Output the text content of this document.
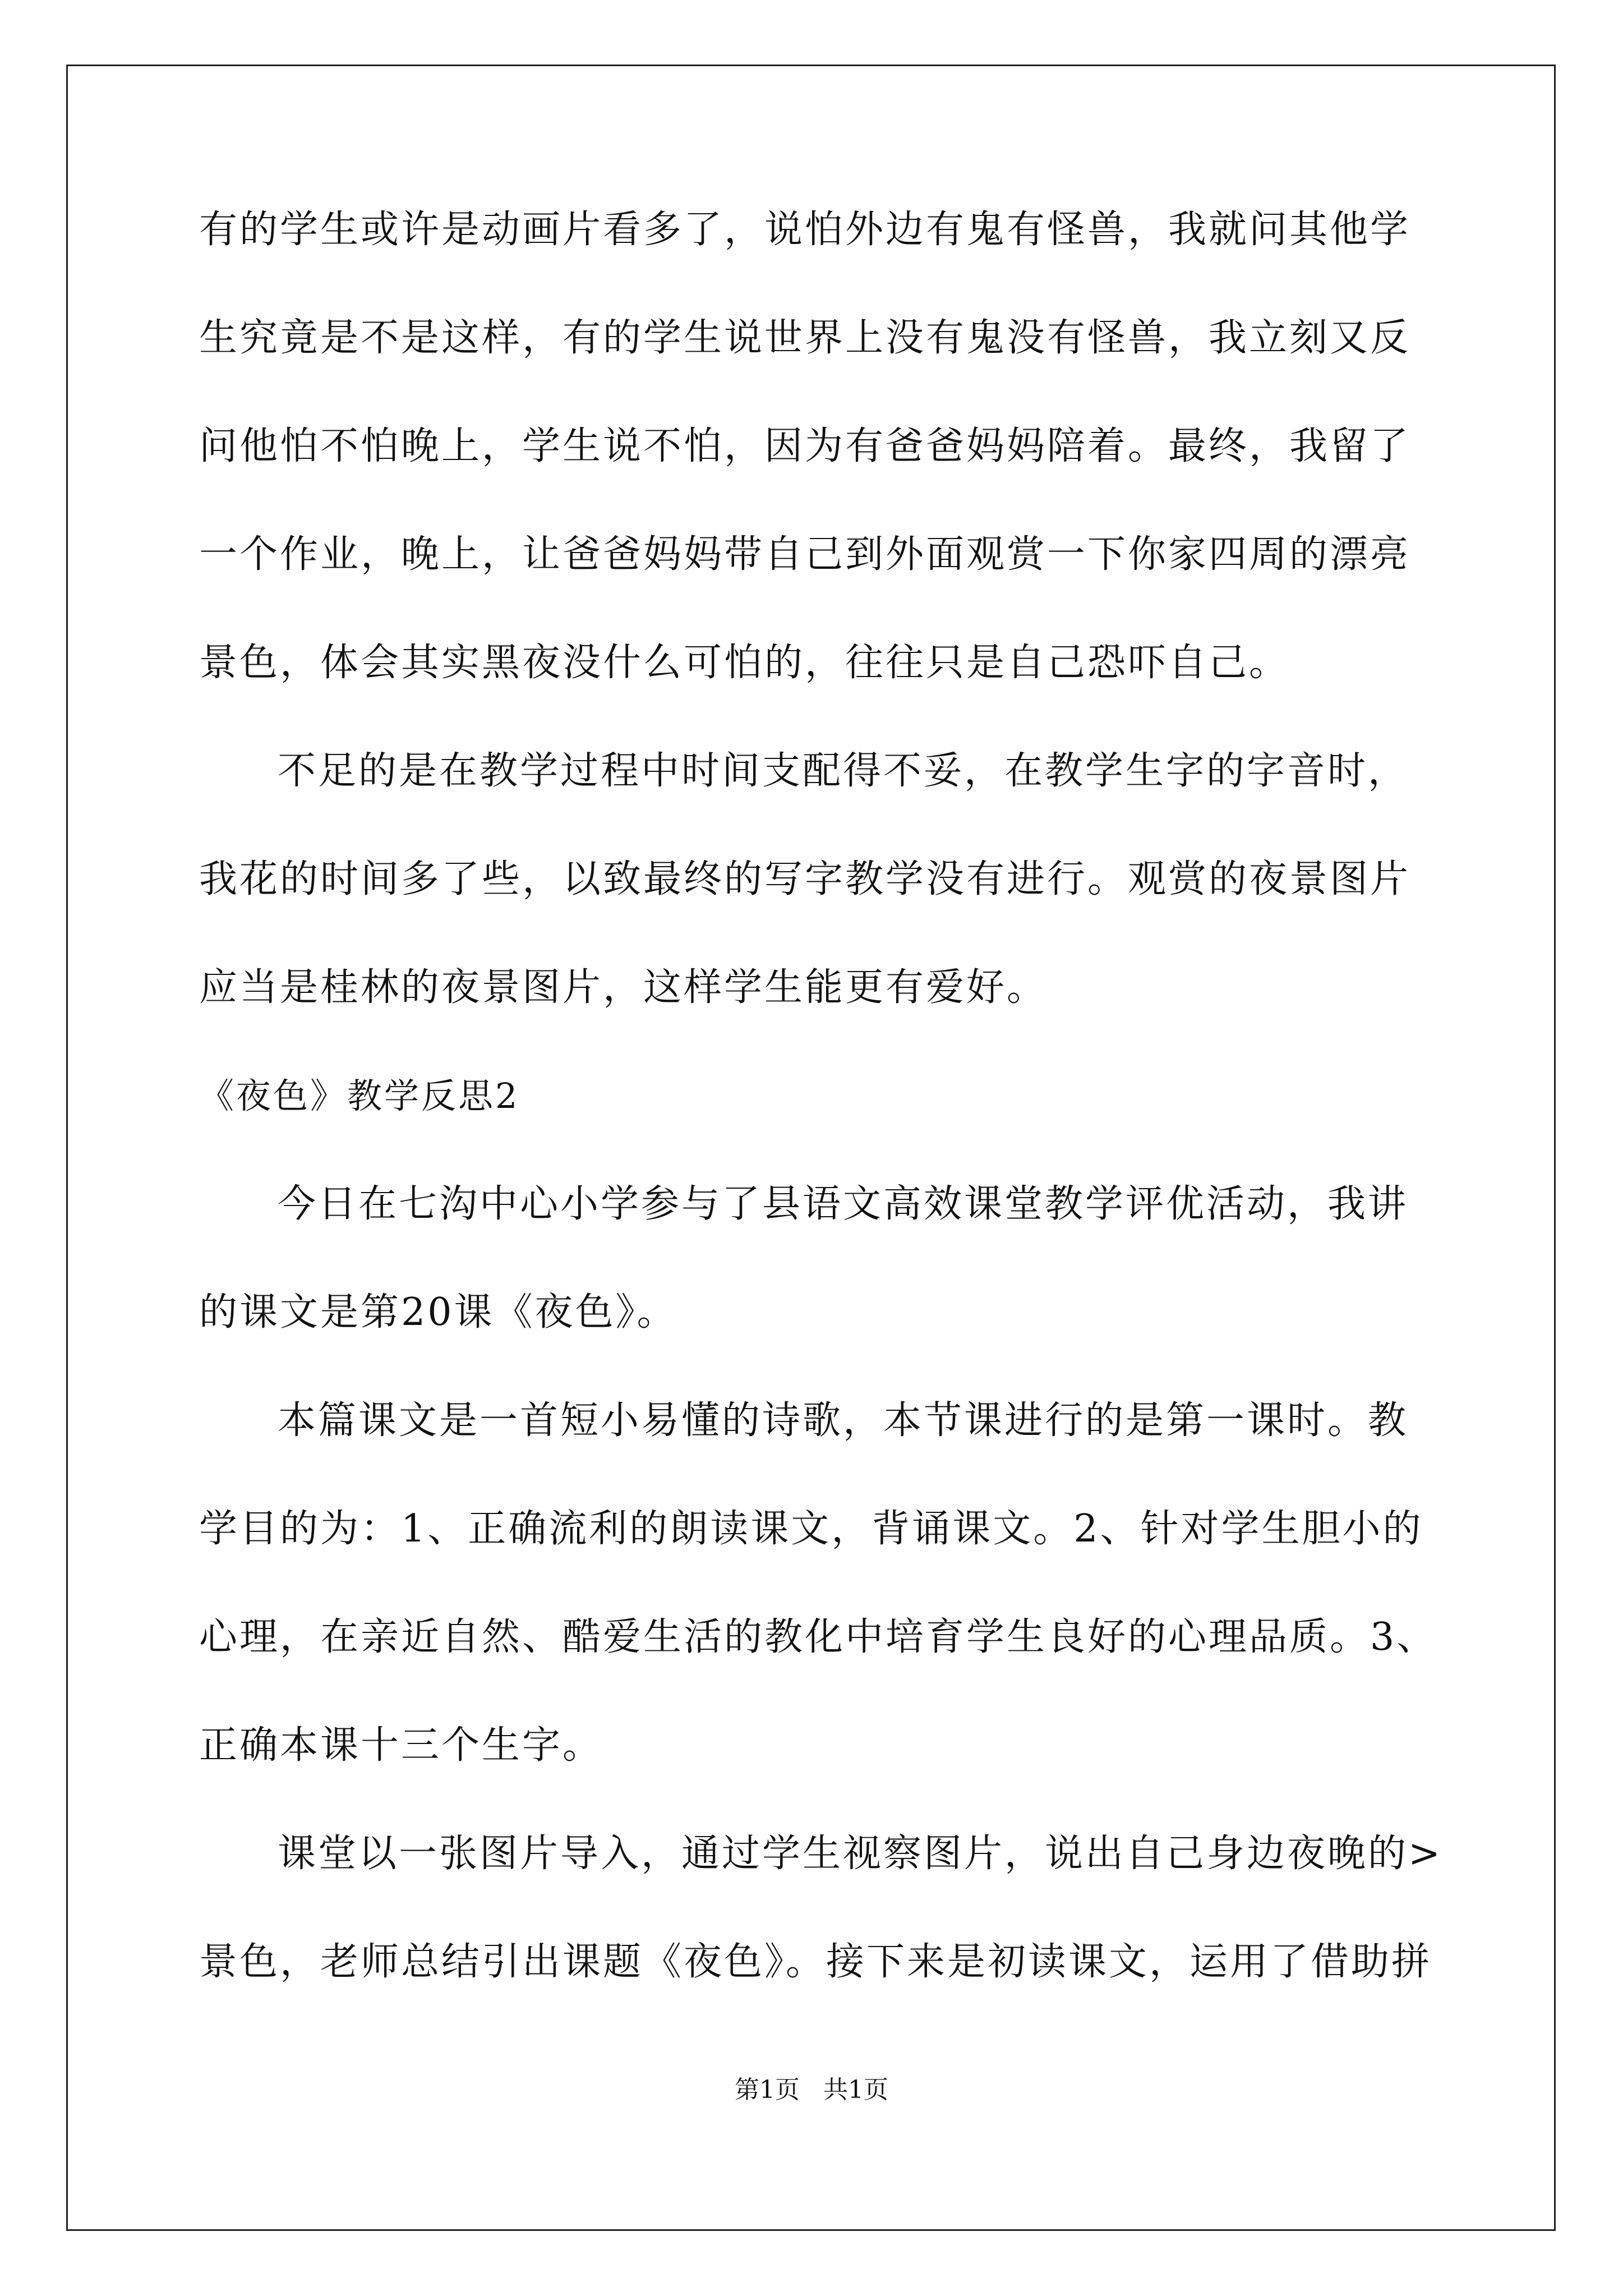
有的学生或许是动画片看多了，说怕外边有鬼有怪兽，我就问其他学
生究竟是不是这样，有的学生说世界上没有鬼没有怪兽，我立刻又反
问他怕不怕晚上，学生说不怕，因为有爸爸妈妈陪着。最终，我留了
一个作业，晚上，让爸爸妈妈带自己到外面观赏一下你家四周的漂亮
景色，体会其实黑夜没什么可怕的，往往只是自己恐吓自己。
不足的是在教学过程中时间支配得不妥，在教学生字的字音时，
我花的时间多了些，以致最终的写字教学没有进行。观赏的夜景图片
应当是桂林的夜景图片，这样学生能更有爱好。
《夜色》教学反思2
今日在七沟中心小学参与了县语文高效课堂教学评优活动，我讲
的课文是第20课《夜色》。
本篇课文是一首短小易懂的诗歌，本节课进行的是第一课时。教
学目的为：1、正确流利的朗读课文，背诵课文。2、针对学生胆小的
心理，在亲近自然、酷爱生活的教化中培育学生良好的心理品质。3、
正确本课十三个生字。
课堂以一张图片导入，通过学生视察图片，说出自己身边夜晚的>
景色，老师总结引出课题《夜色》。接下来是初读课文，运用了借助拼
第1页   共1页
